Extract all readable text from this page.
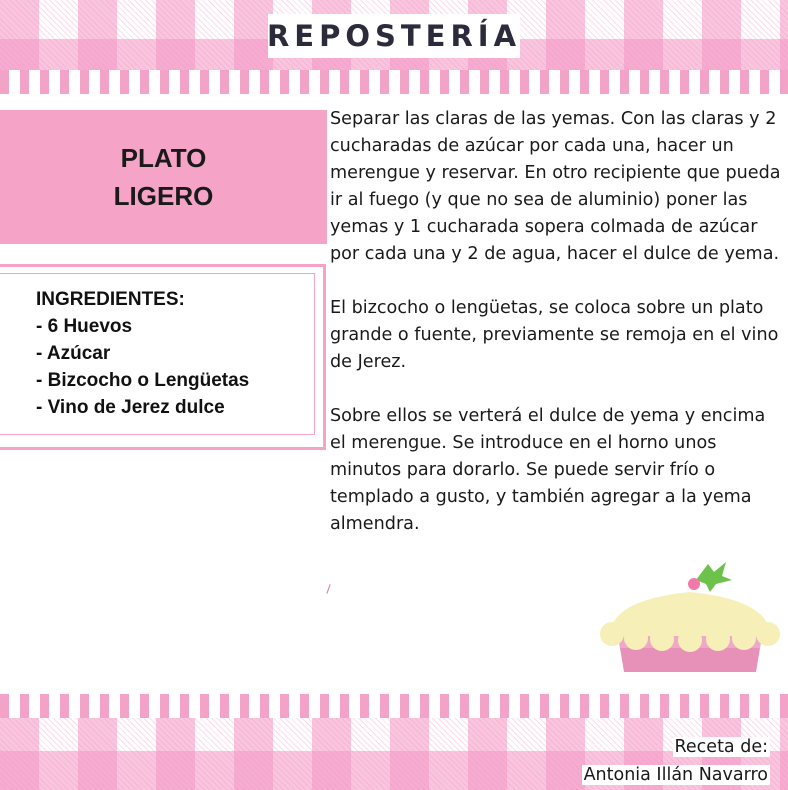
REPOSTERÍA
PLATO
LIGERO
INGREDIENTES:
- 6 Huevos
- Azúcar
- Bizcocho o Lengüetas
- Vino de Jerez dulce

Separar las claras de las yemas. Con las claras y 2 cucharadas de azúcar por cada una, hacer un merengue y reservar. En otro recipiente que pueda ir al fuego (y que no sea de aluminio) poner las yemas y 1 cucharada sopera colmada de azúcar por cada una y 2 de agua, hacer el dulce de yema.

El bizcocho o lengüetas, se coloca sobre un plato grande o fuente, previamente se remoja en el vino de Jerez.

Sobre ellos se verterá el dulce de yema y encima el merengue. Se introduce en el horno unos minutos para dorarlo. Se puede servir frío o templado a gusto, y también agregar a la yema almendra.

Receta de:
Antonia Illán Navarro
